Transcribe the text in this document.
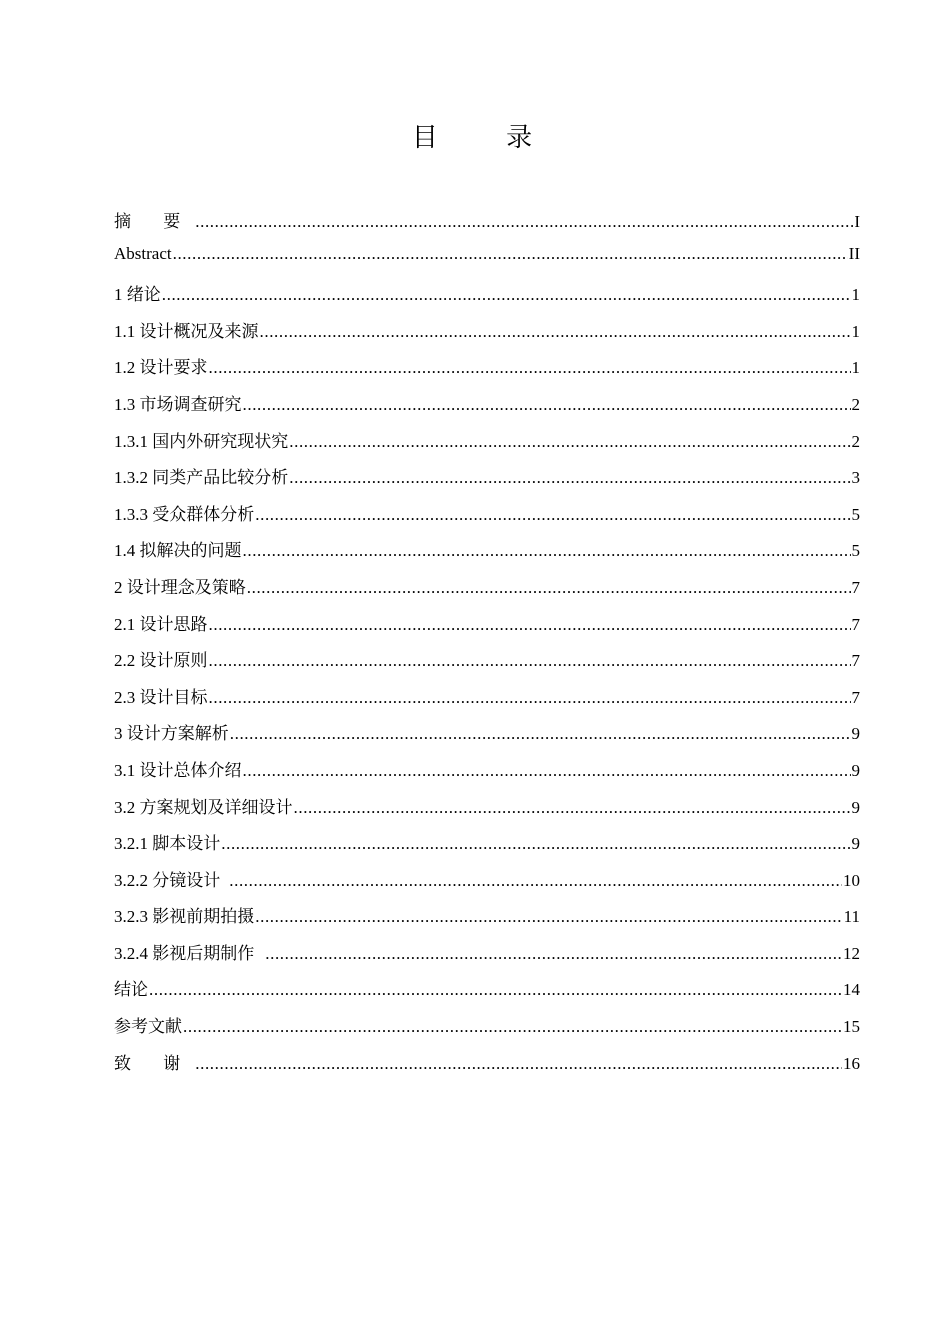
目 录
摘 要 .....	I
Abstract .....	II
1 绪论 .....	1
1.1 设计概况及来源 .....	1
1.2 设计要求 .....	1
1.3 市场调查研究 .....	2
1.3.1 国内外研究现状究 .....	2
1.3.2 同类产品比较分析 .....	3
1.3.3 受众群体分析 .....	5
1.4 拟解决的问题 .....	5
2 设计理念及策略 .....	7
2.1 设计思路 .....	7
2.2 设计原则 .....	7
2.3 设计目标 .....	7
3 设计方案解析 .....	9
3.1 设计总体介绍 .....	9
3.2 方案规划及详细设计 .....	9
3.2.1 脚本设计 .....	9
3.2.2 分镜设计 .....	10
3.2.3 影视前期拍摄 .....	11
3.2.4 影视后期制作 .....	12
结论 .....	14
参考文献 .....	15
致 谢 .....	16
